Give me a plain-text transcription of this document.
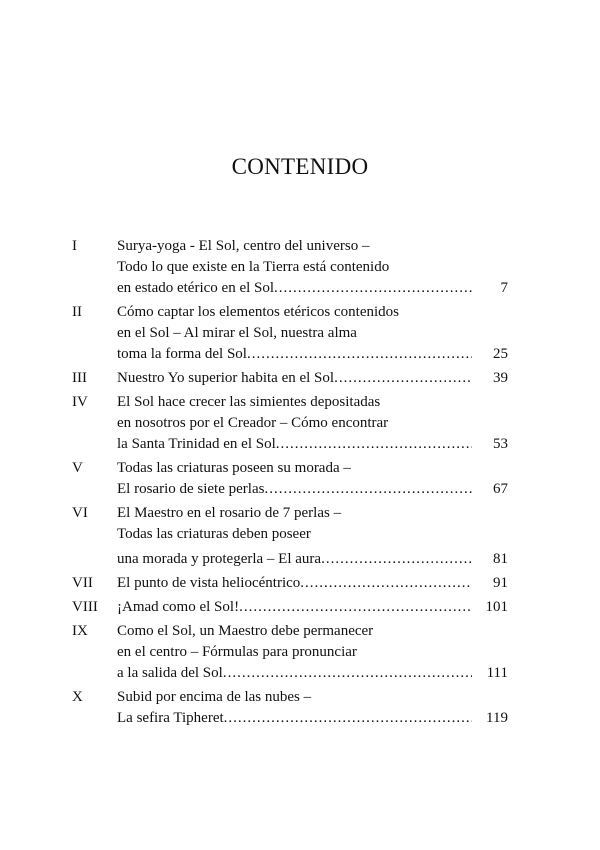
CONTENIDO
I	Surya-yoga - El Sol, centro del universo –
Todo lo que existe en la Tierra está contenido
en estado etérico en el Sol .....	7
II	Cómo captar los elementos etéricos contenidos
en el Sol – Al mirar el Sol, nuestra alma
toma la forma del Sol .....	25
III	Nuestro Yo superior habita en el Sol .....	39
IV	El Sol hace crecer las simientes depositadas
en nosotros por el Creador – Cómo encontrar
la Santa Trinidad en el Sol .....	53
V	Todas las criaturas poseen su morada –
El rosario de siete perlas .....	67
VI	El Maestro en el rosario de 7 perlas –
Todas las criaturas deben poseer
una morada y protegerla – El aura .....	81
VII	El punto de vista heliocéntrico .....	91
VIII	¡Amad como el Sol! .....	101
IX	Como el Sol, un Maestro debe permanecer
en el centro – Fórmulas para pronunciar
a la salida del Sol .....	111
X	Subid por encima de las nubes –
La sefira Tipheret .....	119
